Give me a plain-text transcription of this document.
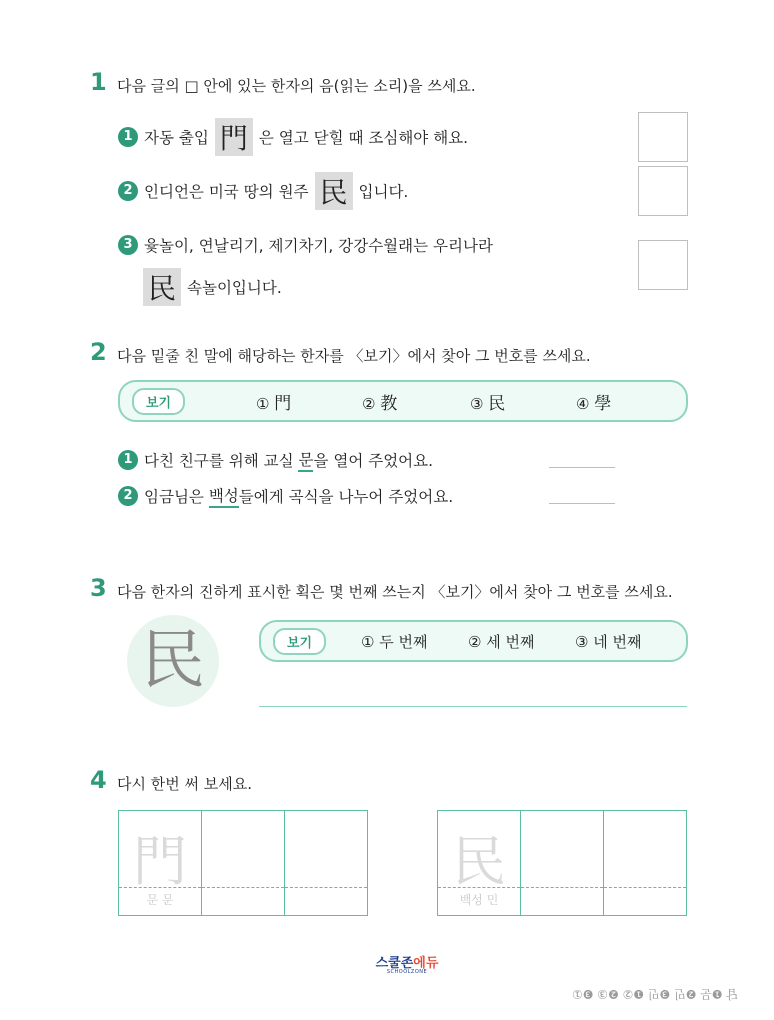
1 다음 글의 □ 안에 있는 한자의 음(읽는 소리)을 쓰세요.
1 자동 출입 門 은 열고 닫힐 때 조심해야 해요.
2 인디언은 미국 땅의 원주 民 입니다.
3 윷놀이, 연날리기, 제기차기, 강강수월래는 우리나라
民 속놀이입니다.
2 다음 밑줄 친 말에 해당하는 한자를 〈보기〉에서 찾아 그 번호를 쓰세요.
보기	① 門	② 教	③ 民	④ 學
1 다친 친구를 위해 교실 문 을 열어 주었어요.
2 임금님은 백성 들에게 곡식을 나누어 주었어요.
3 다음 한자의 진하게 표시한 획은 몇 번째 쓰는지 〈보기〉에서 찾아 그 번호를 쓰세요.
民	보기	① 두 번째	② 세 번째	③ 네 번째
4 다시 한번 써 보세요.
門
문 문
民
백성 민
스쿨존에듀
SCHOOLZONE
답 ❶문 ❷민 ❸민 ❶② ❷③ ❸①
